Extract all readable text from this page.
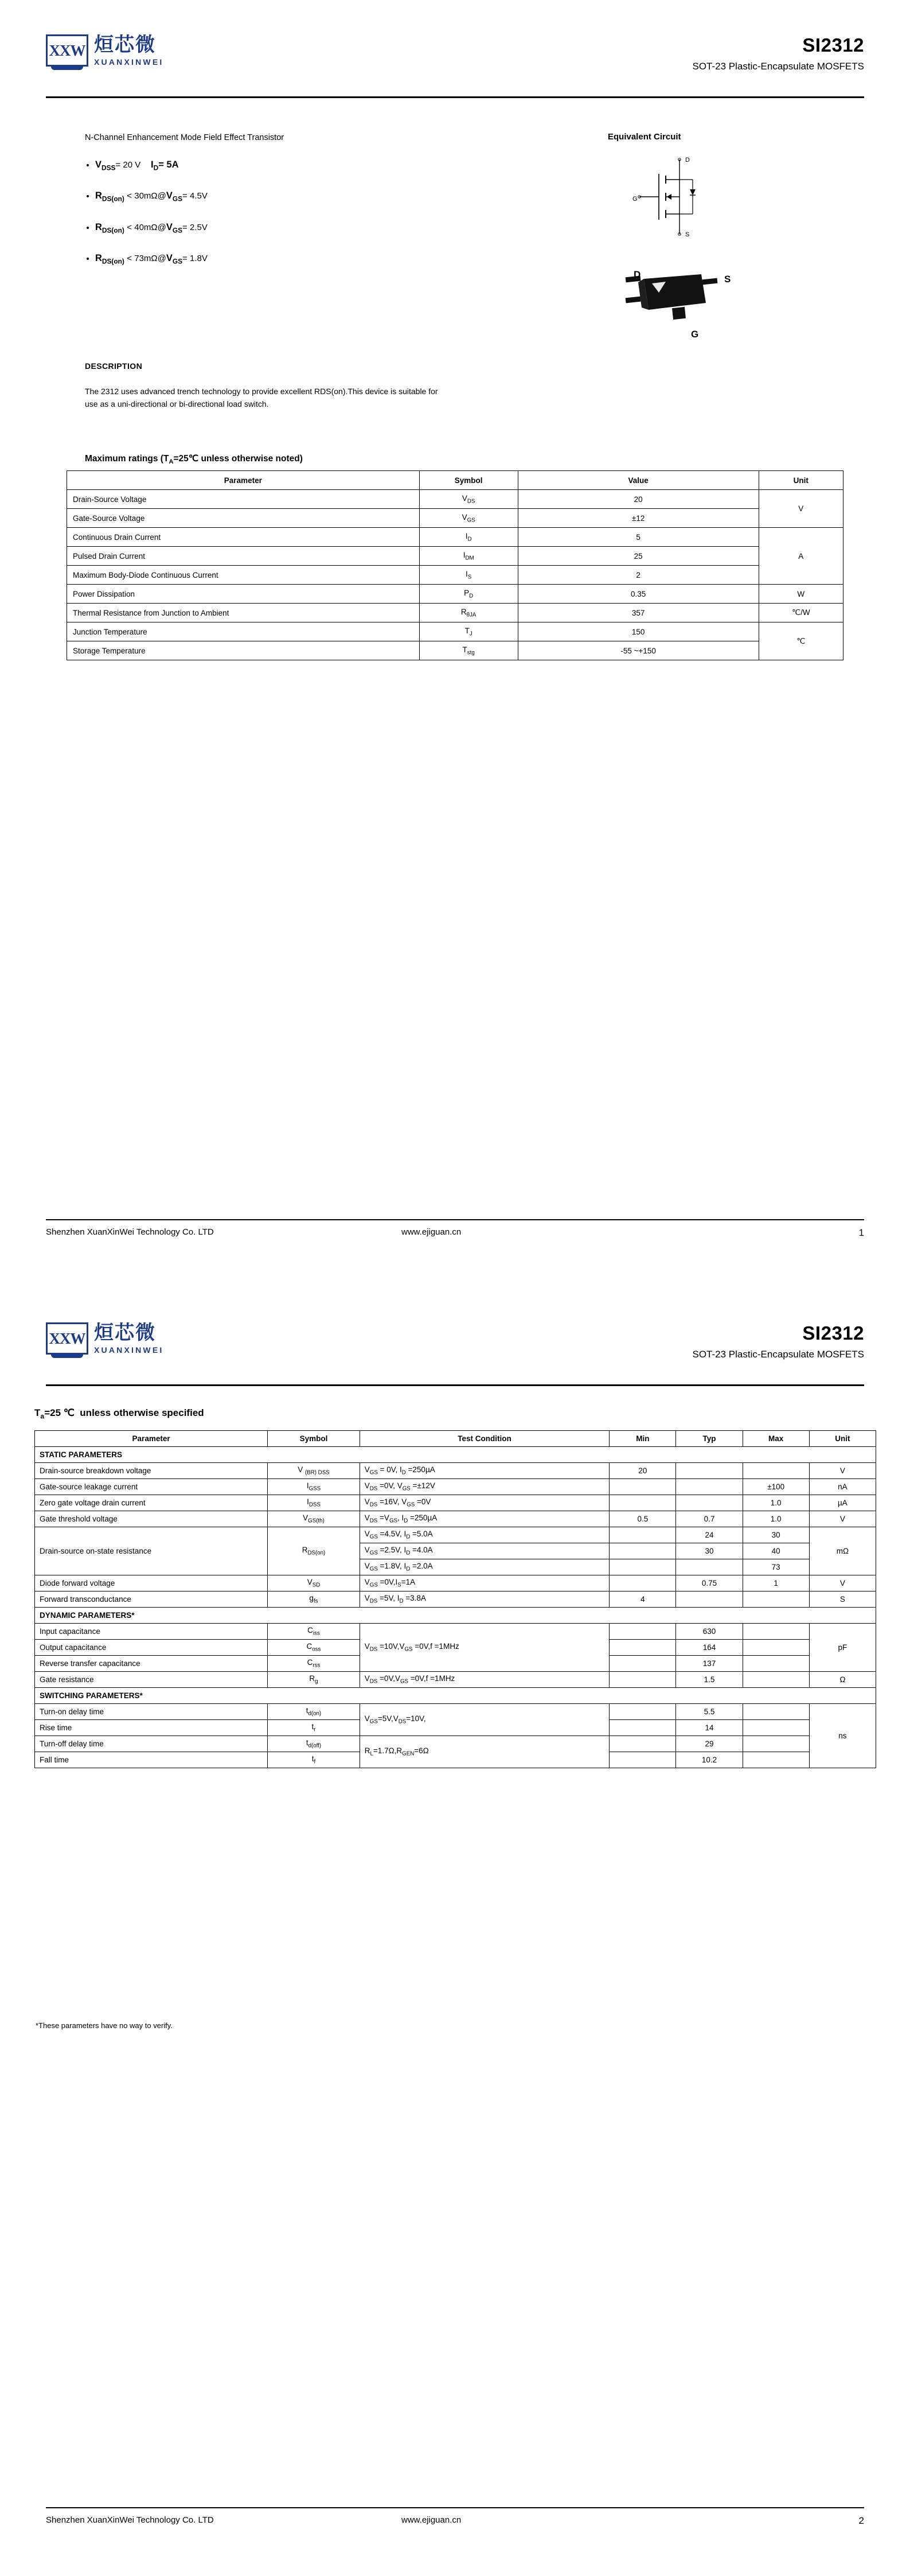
XXW 烜芯微
XUANXINWEI
SI2312
SOT-23 Plastic-Encapsulate MOSFETS
N-Channel Enhancement Mode Field Effect Transistor	Equivalent Circuit
• $V_{DSS}= 20$ V $I_D= 5A$
• $R_{DS(on)}$ < $30m\Omega@V_{GS}= 4.5V$
• $R_{DS(on)}$ < $40m\Omega@V_{GS}= 2.5V$
• $R_{DS(on)}$ < $73m\Omega@V_{GS}= 1.8V$
D
S
G
D	S
G
DESCRIPTION
The 2312 uses advanced trench technology to provide excellent RDS(on).This device is suitable for use as a uni-directional or bi-directional load switch.
Maximum ratings ($T_A=25℃$ unless otherwise noted)
Parameter	Symbol	Value	Unit
Drain-Source Voltage	$V_{DS}$	20	V
Gate-Source Voltage	$V_{GS}$	±12	
Continuous Drain Current	$I_D$	5	A
Pulsed Drain Current	$I_{DM}$	25	
Maximum Body-Diode Continuous Current	$I_S$	2	
Power Dissipation	$P_D$	0.35	W
Thermal Resistance from Junction to Ambient	$R_{\theta JA}$	357	℃/W
Junction Temperature	$T_J$	150	℃
Storage Temperature	$T_{stg}$	-55 ~+150	
Shenzhen XuanXinWei Technology Co. LTD	www.ejiguan.cn	1
XXW 烜芯微
XUANXINWEI
SI2312
SOT-23 Plastic-Encapsulate MOSFETS
$T_a=25$ ℃  unless otherwise specified
Parameter	Symbol	Test Condition	Min	Typ	Max	Unit
STATIC PARAMETERS						
Drain-source breakdown voltage	V $_{(BR) DSS}$	$V_{GS} = 0V$, $I_D =250\mu A$	20			V
Gate-source leakage current	$I_{GSS}$	$V_{DS} =0V$, $V_{GS} =\pm 12V$			±100	nA
Zero gate voltage drain current	$I_{DSS}$	$V_{DS} =16V$, $V_{GS} =0V$			1.0	µA
Gate threshold voltage	$V_{GS(th)}$	$V_{DS} =V_{GS}$, $I_D =250\mu A$	0.5	0.7	1.0	V
Drain-source on-state resistance	$R_{DS(on)}$	$V_{GS} =4.5V$, $I_D =5.0A$		24	30	mΩ
		$V_{GS} =2.5V$, $I_D =4.0A$		30	40	
		$V_{GS} =1.8V$, $I_D =2.0A$			73	
Diode forward voltage	$V_{SD}$	$V_{GS} =0V,I_S=1A$		0.75	1	V
Forward transconductance	$g_{fs}$	$V_{DS} =5V$, $I_D =3.8A$	4			S
DYNAMIC PARAMETERS*						
Input capacitance	$C_{iss}$	$V_{DS} =10V,V_{GS} =0V,f =1MHz$		630		pF
Output capacitance	$C_{oss}$			164		
Reverse transfer capacitance	$C_{rss}$			137		
Gate resistance	$R_g$	$V_{DS} =0V,V_{GS} =0V,f =1MHz$		1.5		Ω
SWITCHING PARAMETERS*						
Turn-on delay time	$t_{d(on)}$	$V_{GS}=5V,V_{DS}=10V$,		5.5		ns
Rise time	$t_r$			14		
Turn-off delay time	$t_{d(off)}$	$R_L=1.7\Omega,R_{GEN}=6\Omega$		29		
Fall time	$t_f$			10.2		
*These parameters have no way to verify.
Shenzhen XuanXinWei Technology Co. LTD	www.ejiguan.cn	2
